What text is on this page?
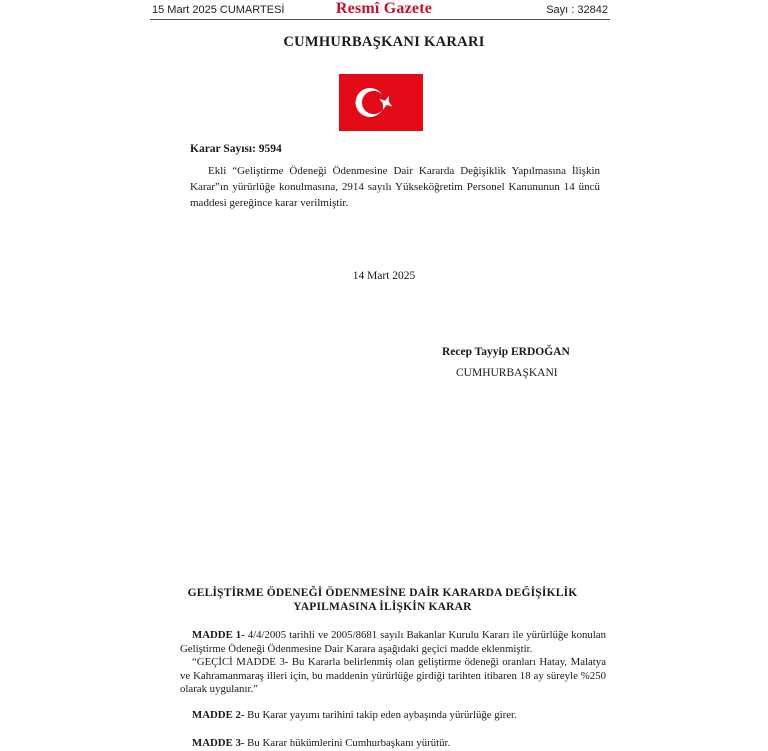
15 Mart 2025 CUMARTESİ	Resmî Gazete	Sayı : 32842
CUMHURBAŞKANI KARARI
Karar Sayısı: 9594
Ekli “Geliştirme Ödeneği Ödenmesine Dair Kararda Değişiklik Yapılmasına İlişkin Karar”ın yürürlüğe konulmasına, 2914 sayılı Yükseköğretim Personel Kanununun 14 üncü maddesi gereğince karar verilmiştir.
14 Mart 2025
Recep Tayyip ERDOĞAN
CUMHURBAŞKANI
GELİŞTİRME ÖDENEĞİ ÖDENMESİNE DAİR KARARDA DEĞİŞİKLİK
YAPILMASINA İLİŞKİN KARAR
MADDE 1- 4/4/2005 tarihli ve 2005/8681 sayılı Bakanlar Kurulu Kararı ile yürürlüğe konulan Geliştirme Ödeneği Ödenmesine Dair Karara aşağıdaki geçici madde eklenmiştir.
“GEÇİCİ MADDE 3- Bu Kararla belirlenmiş olan geliştirme ödeneği oranları Hatay, Malatya ve Kahramanmaraş illeri için, bu maddenin yürürlüğe girdiği tarihten itibaren 18 ay süreyle %250 olarak uygulanır.”
MADDE 2- Bu Karar yayımı tarihini takip eden aybaşında yürürlüğe girer.
MADDE 3- Bu Karar hükümlerini Cumhurbaşkanı yürütür.
